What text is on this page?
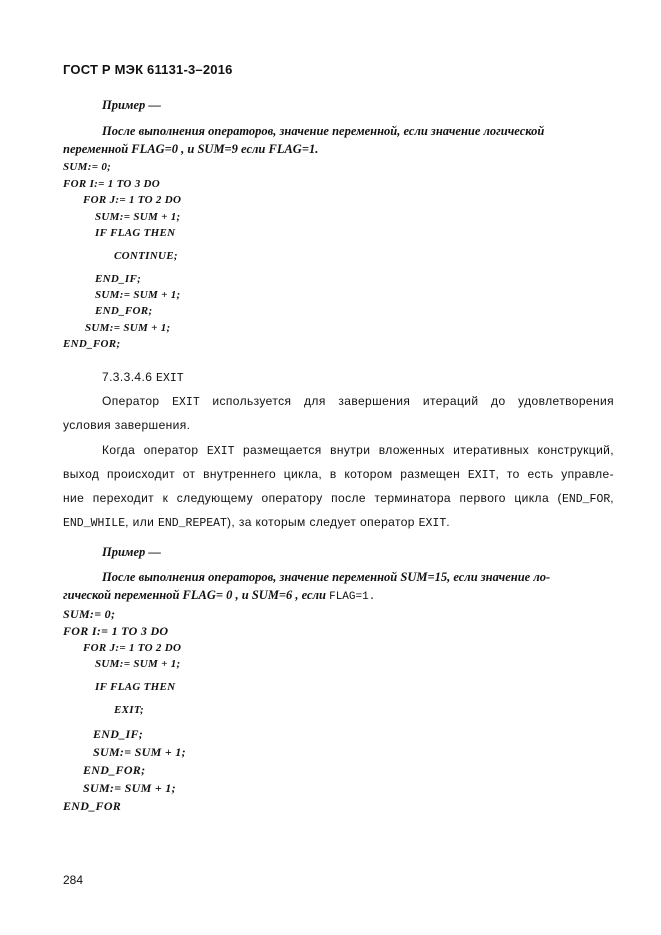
ГОСТ Р МЭК 61131-3–2016
Пример —
После выполнения операторов, значение переменной, если значение логической
переменной FLAG=0 , и SUM=9 если FLAG=1.
SUM:= 0;
FOR I:= 1 TO 3 DO
FOR J:= 1 TO 2 DO
SUM:= SUM + 1;
IF FLAG THEN
CONTINUE;
END_IF;
SUM:= SUM + 1;
END_FOR;
SUM:= SUM + 1;
END_FOR;
7.3.3.4.6 EXIT
Оператор EXIT используется для завершения итераций до удовлетворения
условия завершения.
Когда оператор EXIT размещается внутри вложенных итеративных конструкций,
выход происходит от внутреннего цикла, в котором размещен EXIT, то есть управле-
ние переходит к следующему оператору после терминатора первого цикла (END_FOR,
END_WHILE, или END_REPEAT), за которым следует оператор EXIT.
Пример —
После выполнения операторов, значение переменной SUM=15, если значение ло-
гической переменной FLAG= 0 , и SUM=6 , если FLAG=1.
SUM:= 0;
FOR I:= 1 TO 3 DO
FOR J:= 1 TO 2 DO
SUM:= SUM + 1;
IF FLAG THEN
EXIT;
END_IF;
SUM:= SUM + 1;
END_FOR;
SUM:= SUM + 1;
END_FOR
284
